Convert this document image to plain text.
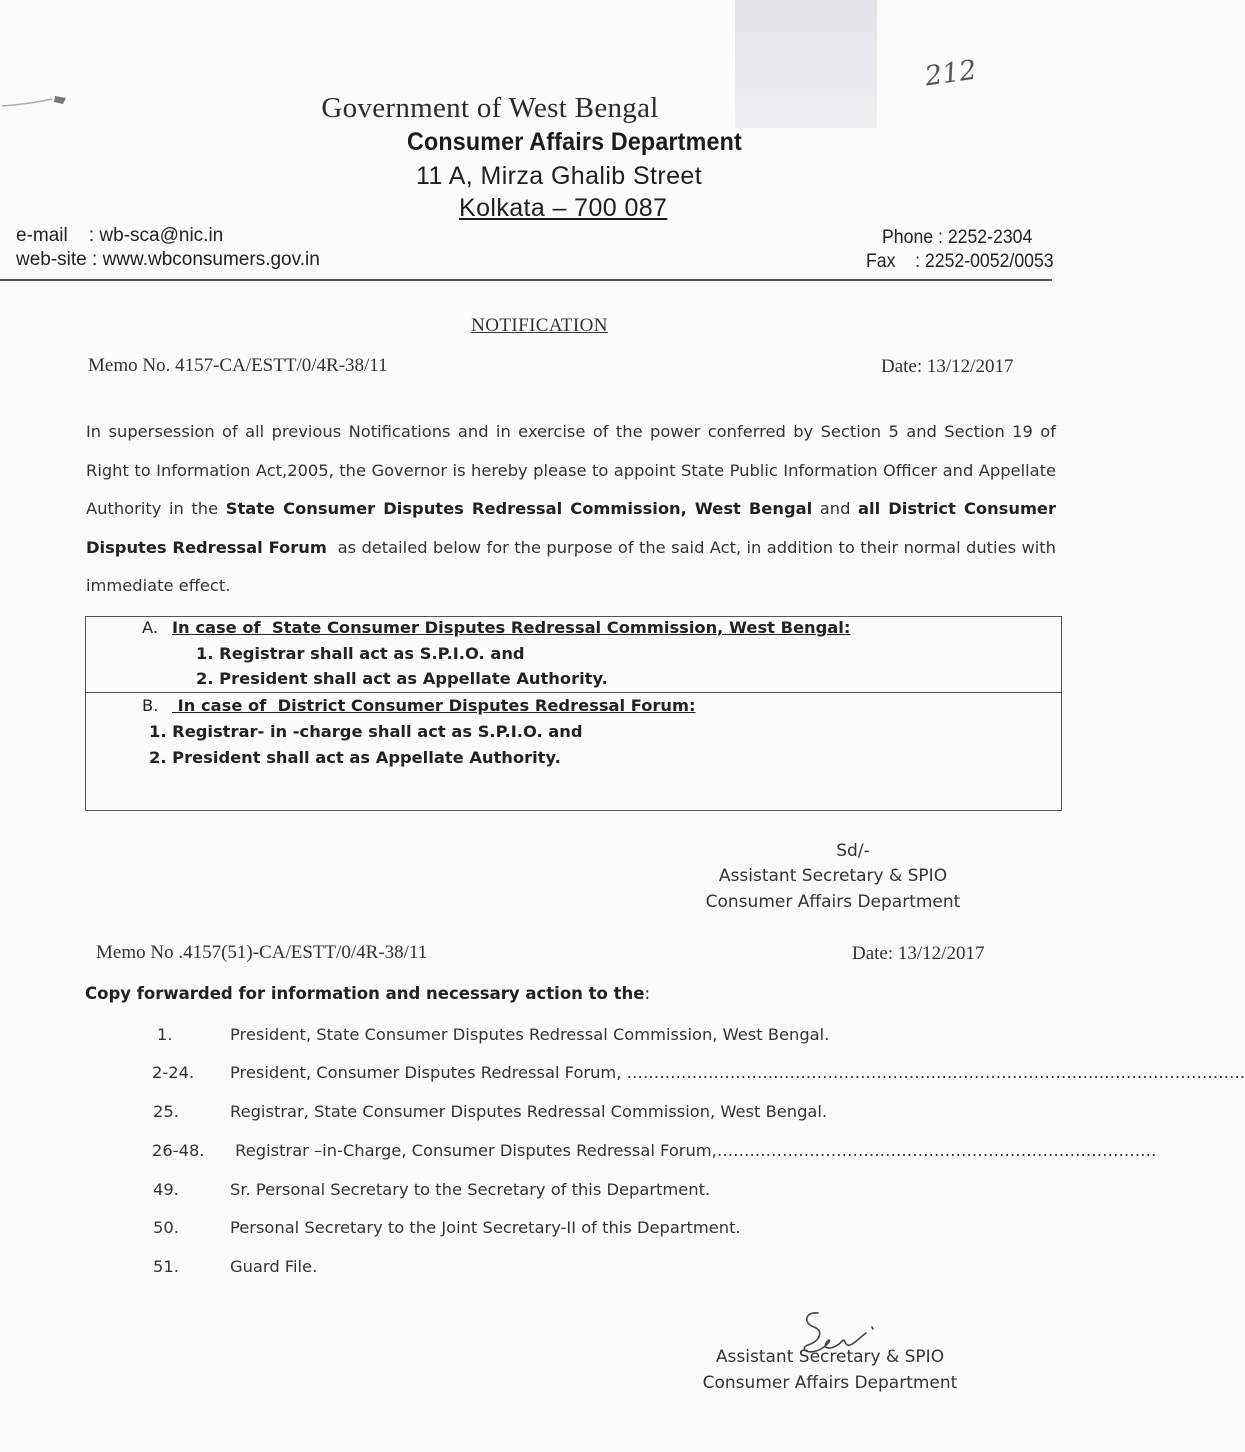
212

Government of West Bengal

Consumer Affairs Department

11 A, Mirza Ghalib Street

Kolkata – 700 087

e-mail    : wb-sca@nic.in

web-site : www.wbconsumers.gov.in

Phone : 2252-2304

Fax    : 2252-0052/0053

NOTIFICATION

Memo No. 4157-CA/ESTT/0/4R-38/11	Date: 13/12/2017

In supersession of all previous Notifications and in exercise of the power conferred by Section 5 and Section 19 of Right to Information Act,2005, the Governor is hereby please to appoint State Public Information Officer and Appellate Authority in the State Consumer Disputes Redressal Commission, West Bengal and all District Consumer Disputes Redressal Forum  as detailed below for the purpose of the said Act, in addition to their normal duties with immediate effect.

A. In case of  State Consumer Disputes Redressal Commission, West Bengal:

1. Registrar shall act as S.P.I.O. and

2. President shall act as Appellate Authority.

B. In case of  District Consumer Disputes Redressal Forum:

1. Registrar- in -charge shall act as S.P.I.O. and

2. President shall act as Appellate Authority.

Sd/-

Assistant Secretary & SPIO

Consumer Affairs Department

Memo No .4157(51)-CA/ESTT/0/4R-38/11	Date: 13/12/2017

Copy forwarded for information and necessary action to the:

1.	President, State Consumer Disputes Redressal Commission, West Bengal.

2-24. President, Consumer Disputes Redressal Forum, ……………………………………………………………………………………………………

25.	Registrar, State Consumer Disputes Redressal Commission, West Bengal.

26-48. Registrar –in-Charge, Consumer Disputes Redressal Forum,………………………………………………………………………

49.	Sr. Personal Secretary to the Secretary of this Department.

50.	Personal Secretary to the Joint Secretary-II of this Department.

51.	Guard File.

Assistant Secretary & SPIO

Consumer Affairs Department
